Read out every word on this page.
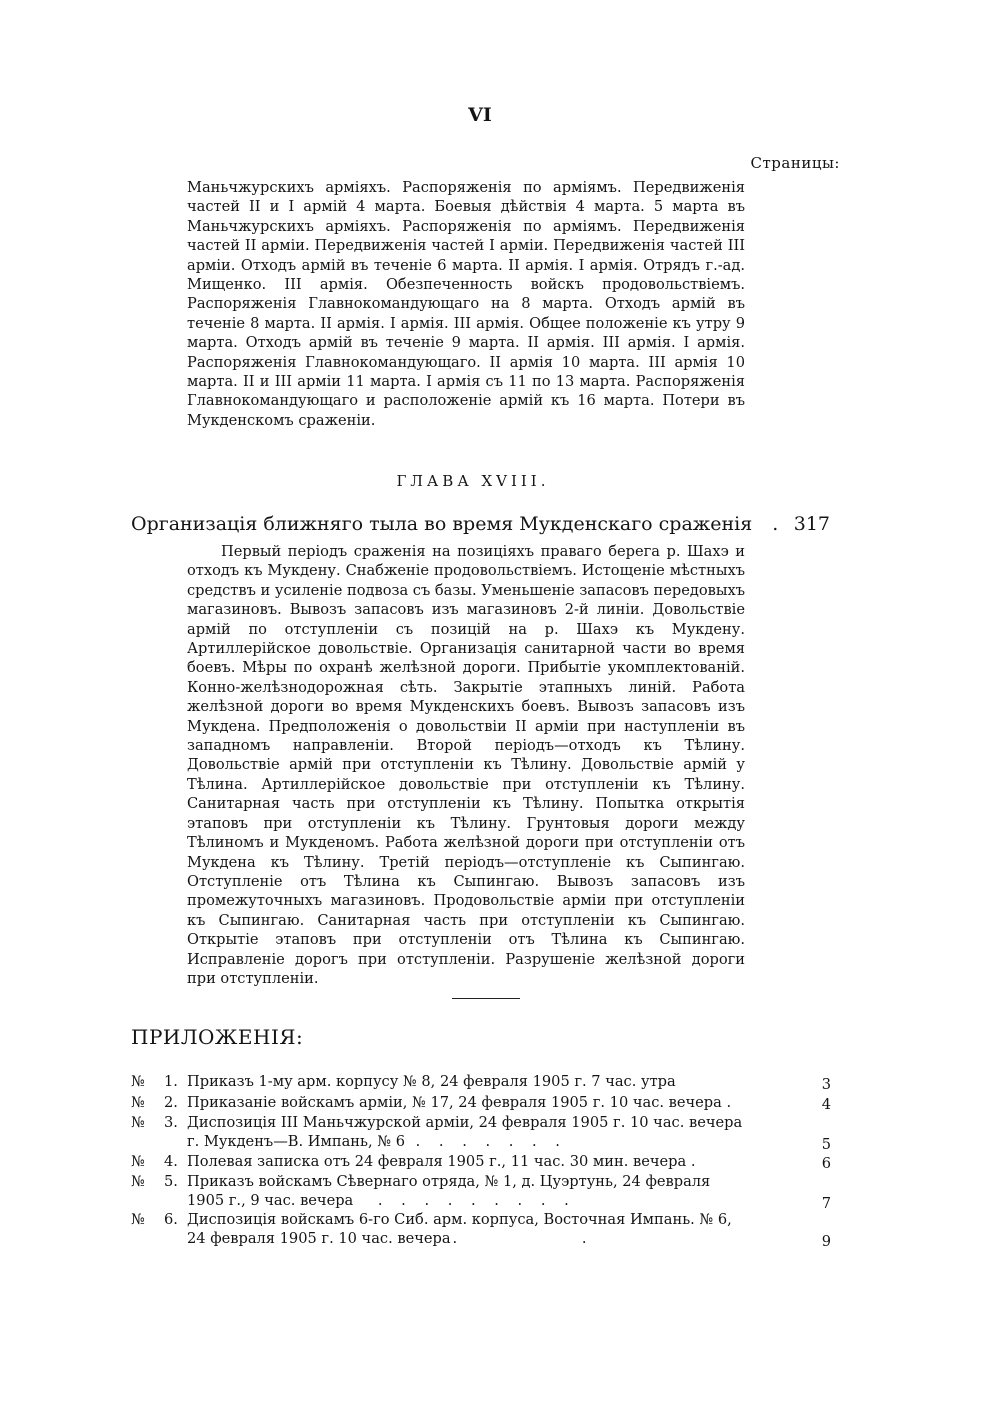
VI
Страницы:
Маньчжурскихъ арміяхъ. Распоряженія по арміямъ. Передвиженія частей II и I армій 4 марта. Боевыя дѣйствія 4 марта. 5 марта въ Маньчжурскихъ арміяхъ. Распоряженія по арміямъ. Передвиженія частей II арміи. Передвиженія частей I арміи. Передвиженія частей III арміи. Отходъ армій въ теченіе 6 марта. II армія. I армія. Отрядъ г.-ад. Мищенко. III армія. Обезпеченность войскъ продовольствіемъ. Распоряженія Главнокомандующаго на 8 марта. Отходъ армій въ теченіе 8 марта. II армія. I армія. III армія. Общее положеніе къ утру 9 марта. Отходъ армій въ теченіе 9 марта. II армія. III армія. I армія. Распоряженія Главнокомандующаго. II армія 10 марта. III армія 10 марта. II и III арміи 11 марта. I армія съ 11 по 13 марта. Распоряженія Главнокомандующаго и расположеніе армій къ 16 марта. Потери въ Мукденскомъ сраженіи.
ГЛАВА XVIII.
Организація ближняго тыла во время Мукденскаго сраженія . 317
Первый періодъ сраженія на позиціяхъ праваго берега р. Шахэ и отходъ къ Мукдену. Снабженіе продовольствіемъ. Истощеніе мѣстныхъ средствъ и усиленіе подвоза съ базы. Уменьшеніе запасовъ передовыхъ магазиновъ. Вывозъ запасовъ изъ магазиновъ 2-й линіи. Довольствіе армій по отступленіи съ позицій на р. Шахэ къ Мукдену. Артиллерійское довольствіе. Организація санитарной части во время боевъ. Мѣры по охранѣ желѣзной дороги. Прибытіе укомплектованій. Конно-желѣзнодорожная сѣть. Закрытіе этапныхъ линій. Работа желѣзной дороги во время Мукденскихъ боевъ. Вывозъ запасовъ изъ Мукдена. Предположенія о довольствіи II арміи при наступленіи въ западномъ направленіи. Второй періодъ—отходъ къ Тѣлину. Довольствіе армій при отступленіи къ Тѣлину. Довольствіе армій у Тѣлина. Артиллерійское довольствіе при отступленіи къ Тѣлину. Санитарная часть при отступленіи къ Тѣлину. Попытка открытія этаповъ при отступленіи къ Тѣлину. Грунтовыя дороги между Тѣлиномъ и Мукденомъ. Работа желѣзной дороги при отступленіи отъ Мукдена къ Тѣлину. Третій періодъ—отступленіе къ Сыпингаю. Отступленіе отъ Тѣлина къ Сыпингаю. Вывозъ запасовъ изъ промежуточныхъ магазиновъ. Продовольствіе арміи при отступленіи къ Сыпингаю. Санитарная часть при отступленіи къ Сыпингаю. Открытіе этаповъ при отступленіи отъ Тѣлина къ Сыпингаю. Исправленіе дорогъ при отступленіи. Разрушеніе желѣзной дороги при отступленіи.
ПРИЛОЖЕНІЯ:
№ 1. Приказъ 1-му арм. корпусу № 8, 24 февраля 1905 г. 7 час. утра	3
№ 2. Приказаніе войскамъ арміи, № 17, 24 февраля 1905 г. 10 час. вечера .	4
№ 3. Диспозиція III Маньчжурской арміи, 24 февраля 1905 г. 10 час. вечера
г. Мукденъ—В. Импань, № 6 . . . . . . .	5
№ 4. Полевая записка отъ 24 февраля 1905 г., 11 час. 30 мин. вечера .	6
№ 5. Приказъ войскамъ Сѣвернаго отряда, № 1, д. Цуэртунь, 24 февраля
1905 г., 9 час. вечера . . . . . . . . .	7
№ 6. Диспозиція войскамъ 6-го Сиб. арм. корпуса, Восточная Импань. № 6,
24 февраля 1905 г. 10 час. вечера . .	9
